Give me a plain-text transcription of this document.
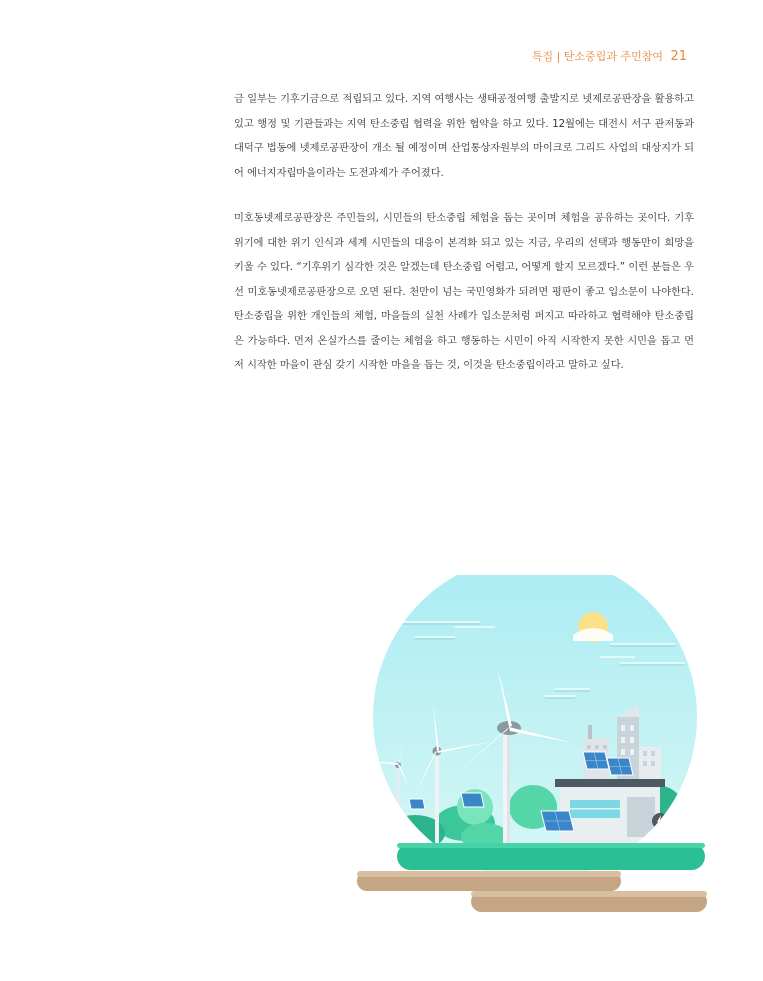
특집 | 탄소중립과 주민참여 21

금 일부는 기후기금으로 적립되고 있다. 지역 여행사는 생태공정여행 출발지로 넷제로공판장을 활용하고 있고 행정 및 기관들과는 지역 탄소중립 협력을 위한 협약을 하고 있다. 12월에는 대전시 서구 관저동과 대덕구 법동에 넷제로공판장이 개소 될 예정이며 산업통상자원부의 마이크로 그리드 사업의 대상지가 되어 에너지자립마을이라는 도전과제가 주어졌다.

미호동넷제로공판장은 주민들의, 시민들의 탄소중립 체험을 돕는 곳이며 체험을 공유하는 곳이다. 기후위기에 대한 위기 인식과 세계 시민들의 대응이 본격화 되고 있는 지금, 우리의 선택과 행동만이 희망을 키울 수 있다. “기후위기 심각한 것은 알겠는데 탄소중립 어렵고, 어떻게 할지 모르겠다.” 이런 분들은 우선 미호동넷제로공판장으로 오면 된다. 천만이 넘는 국민영화가 되려면 평판이 좋고 입소문이 나야한다. 탄소중립을 위한 개인들의 체험, 마을들의 실천 사례가 입소문처럼 퍼지고 따라하고 협력해야 탄소중립은 가능하다. 먼저 온실가스를 줄이는 체험을 하고 행동하는 시민이 아직 시작한지 못한 시민을 돕고 먼저 시작한 마을이 관심 갖기 시작한 마을을 돕는 것, 이것을 탄소중립이라고 말하고 싶다.
